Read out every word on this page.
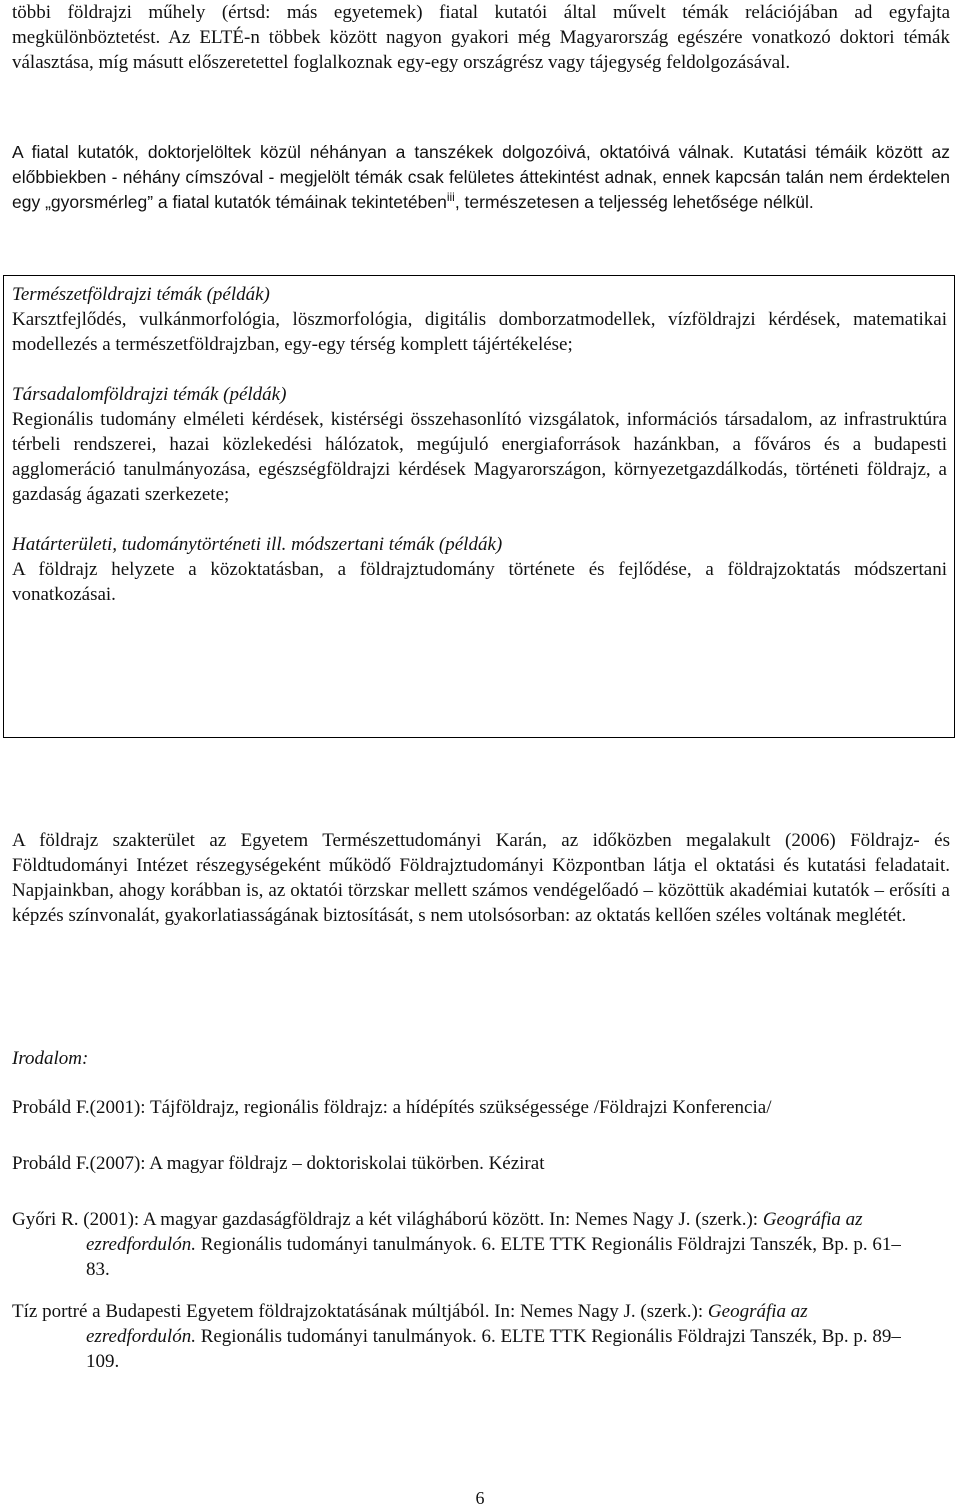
többi földrajzi műhely (értsd: más egyetemek) fiatal kutatói által művelt témák relációjában ad egyfajta megkülönböztetést. Az ELTÉ-n többek között nagyon gyakori még Magyarország egészére vonatkozó doktori témák választása, míg másutt előszeretettel foglalkoznak egy-egy országrész vagy tájegység feldolgozásával.

A fiatal kutatók, doktorjelöltek közül néhányan a tanszékek dolgozóivá, oktatóivá válnak. Kutatási témáik között az előbbiekben - néhány címszóval - megjelölt témák csak felületes áttekintést adnak, ennek kapcsán talán nem érdektelen egy „gyorsmérleg” a fiatal kutatók témáinak tekintetében$^{iii}$, természetesen a teljesség lehetősége nélkül.

Természetföldrajzi témák (példák)
Karsztfejlődés, vulkánmorfológia, löszmorfológia, digitális domborzatmodellek, vízföldrajzi kérdések, matematikai modellezés a természetföldrajzban, egy-egy térség komplett tájértékelése;
Társadalomföldrajzi témák (példák)
Regionális tudomány elméleti kérdések, kistérségi összehasonlító vizsgálatok, információs társadalom, az infrastruktúra térbeli rendszerei, hazai közlekedési hálózatok, megújuló energiaforrások hazánkban, a főváros és a budapesti agglomeráció tanulmányozása, egészségföldrajzi kérdések Magyarországon, környezetgazdálkodás, történeti földrajz, a gazdaság ágazati szerkezete;
Határterületi, tudománytörténeti ill. módszertani témák (példák)
A földrajz helyzete a közoktatásban, a földrajztudomány története és fejlődése, a földrajzoktatás módszertani vonatkozásai.

A földrajz szakterület az Egyetem Természettudományi Karán, az időközben megalakult (2006) Földrajz- és Földtudományi Intézet részegységeként működő Földrajztudományi Központban látja el oktatási és kutatási feladatait. Napjainkban, ahogy korábban is, az oktatói törzskar mellett számos vendégelőadó – közöttük akadémiai kutatók – erősíti a képzés színvonalát, gyakorlatiasságának biztosítását, s nem utolsósorban: az oktatás kellően széles voltának meglétét.

Irodalom:
Probáld F.(2001): Tájföldrajz, regionális földrajz: a hídépítés szükségessége /Földrajzi Konferencia/
Probáld F.(2007): A magyar földrajz – doktoriskolai tükörben. Kézirat
Győri R. (2001): A magyar gazdaságföldrajz a két világháború között. In: Nemes Nagy J. (szerk.): Geográfia az ezredfordulón. Regionális tudományi tanulmányok. 6. ELTE TTK Regionális Földrajzi Tanszék, Bp. p. 61–83.
Tíz portré a Budapesti Egyetem földrajzoktatásának múltjából. In: Nemes Nagy J. (szerk.): Geográfia az ezredfordulón. Regionális tudományi tanulmányok. 6. ELTE TTK Regionális Földrajzi Tanszék, Bp. p. 89–109.
6
